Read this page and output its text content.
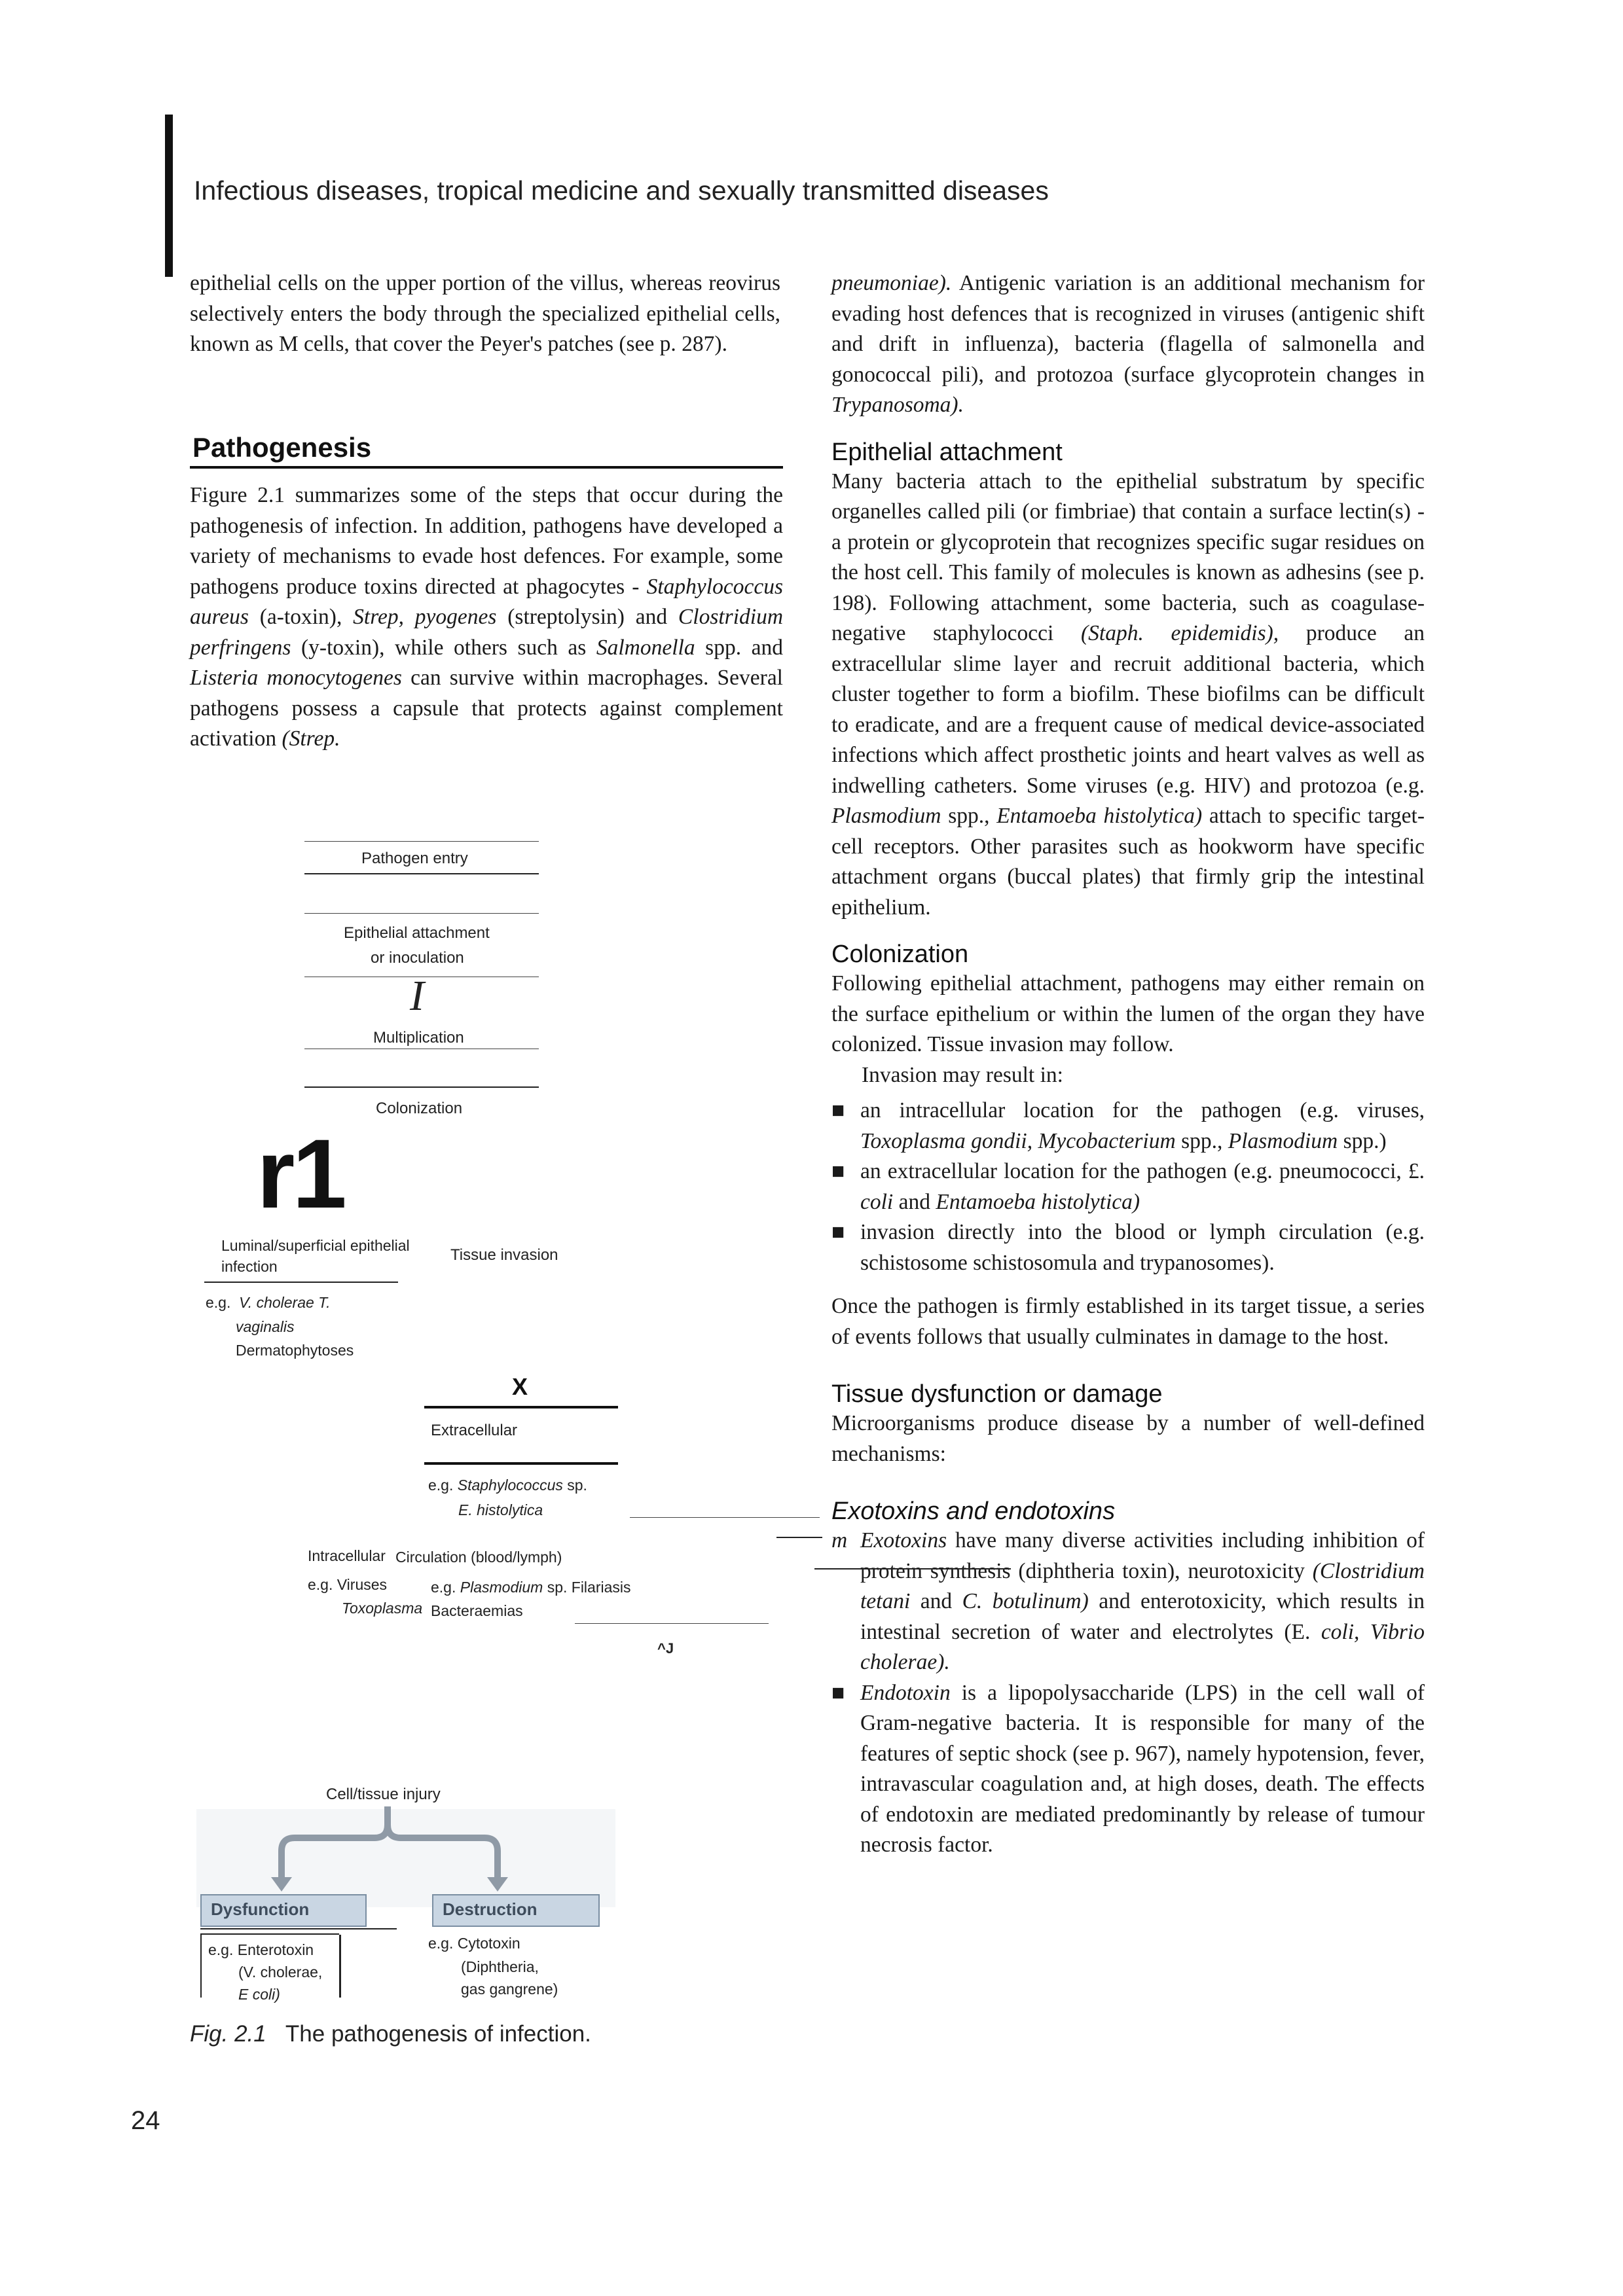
Infectious diseases, tropical medicine and sexually transmitted diseases

epithelial cells on the upper portion of the villus, whereas reovirus selectively enters the body through the specialized epithelial cells, known as M cells, that cover the Peyer's patches (see p. 287).

Pathogenesis

Figure 2.1 summarizes some of the steps that occur during the pathogenesis of infection. In addition, pathogens have developed a variety of mechanisms to evade host defences. For example, some pathogens produce toxins directed at phagocytes - Staphylococcus aureus (a-toxin), Strep, pyogenes (streptolysin) and Clostridium perfringens (y-toxin), while others such as Salmonella spp. and Listeria monocytogenes can survive within macrophages. Several pathogens possess a capsule that protects against complement activation (Strep.

Pathogen entry
Epithelial attachment
or inoculation
I
Multiplication
Colonization
r1
Luminal/superficial epithelial
infection
Tissue invasion
e.g. V. cholerae T.
vaginalis
Dermatophytoses
X
Extracellular
e.g. Staphylococcus sp.
E. histolytica
Intracellular Circulation (blood/lymph)
e.g. Viruses
Toxoplasma
e.g. Plasmodium sp. Filariasis
Bacteraemias
^J
Cell/tissue injury
Dysfunction	Destruction
e.g. Enterotoxin
(V. cholerae,
E coli)
e.g. Cytotoxin
(Diphtheria,
gas gangrene)
Fig. 2.1 The pathogenesis of infection.
24

pneumoniae). Antigenic variation is an additional mechanism for evading host defences that is recognized in viruses (antigenic shift and drift in influenza), bacteria (flagella of salmonella and gonococcal pili), and protozoa (surface glycoprotein changes in Trypanosoma).

Epithelial attachment

Many bacteria attach to the epithelial substratum by specific organelles called pili (or fimbriae) that contain a surface lectin(s) - a protein or glycoprotein that recognizes specific sugar residues on the host cell. This family of molecules is known as adhesins (see p. 198). Following attachment, some bacteria, such as coagulase-negative staphylococci (Staph. epidemidis), produce an extracellular slime layer and recruit additional bacteria, which cluster together to form a biofilm. These biofilms can be difficult to eradicate, and are a frequent cause of medical device-associated infections which affect prosthetic joints and heart valves as well as indwelling catheters. Some viruses (e.g. HIV) and protozoa (e.g. Plasmodium spp., Entamoeba histolytica) attach to specific target-cell receptors. Other parasites such as hookworm have specific attachment organs (buccal plates) that firmly grip the intestinal epithelium.

Colonization

Following epithelial attachment, pathogens may either remain on the surface epithelium or within the lumen of the organ they have colonized. Tissue invasion may follow.

Invasion may result in:

■ an intracellular location for the pathogen (e.g. viruses, Toxoplasma gondii, Mycobacterium spp., Plasmodium spp.)

■ an extracellular location for the pathogen (e.g. pneumococci, £. coli and Entamoeba histolytica)

■ invasion directly into the blood or lymph circulation (e.g. schistosome schistosomula and trypanosomes).

Once the pathogen is firmly established in its target tissue, a series of events follows that usually culminates in damage to the host.

Tissue dysfunction or damage

Microorganisms produce disease by a number of well-defined mechanisms:

Exotoxins and endotoxins

m Exotoxins have many diverse activities including inhibition of protein synthesis (diphtheria toxin), neurotoxicity (Clostridium tetani and C. botulinum) and enterotoxicity, which results in intestinal secretion of water and electrolytes (E. coli, Vibrio cholerae).

■ Endotoxin is a lipopolysaccharide (LPS) in the cell wall of Gram-negative bacteria. It is responsible for many of the features of septic shock (see p. 967), namely hypotension, fever, intravascular coagulation and, at high doses, death. The effects of endotoxin are mediated predominantly by release of tumour necrosis factor.
